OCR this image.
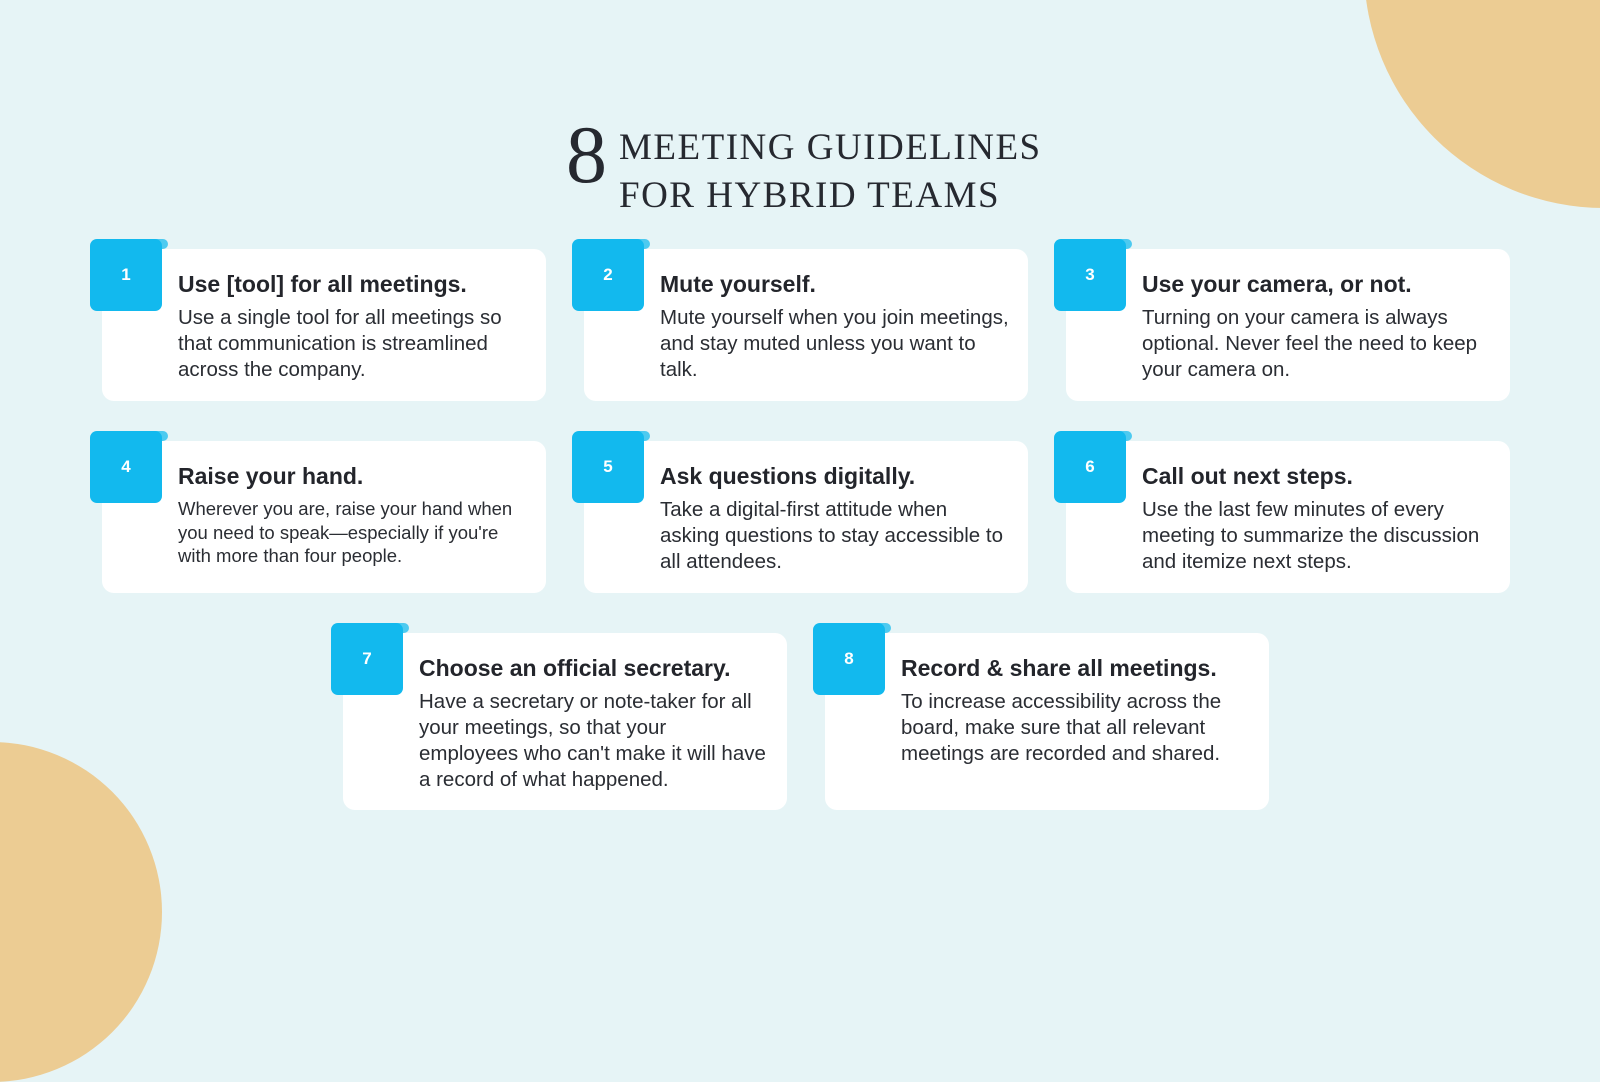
8 MEETING GUIDELINES
FOR HYBRID TEAMS
1	Use [tool] for all meetings.
Use a single tool for all meetings so that communication is streamlined across the company.
2	Mute yourself.
Mute yourself when you join meetings, and stay muted unless you want to talk.
3	Use your camera, or not.
Turning on your camera is always optional. Never feel the need to keep your camera on.
4	Raise your hand.
Wherever you are, raise your hand when you need to speak—especially if you're with more than four people.
5	Ask questions digitally.
Take a digital-first attitude when asking questions to stay accessible to all attendees.
6	Call out next steps.
Use the last few minutes of every meeting to summarize the discussion and itemize next steps.
7	Choose an official secretary.
Have a secretary or note-taker for all your meetings, so that your employees who can't make it will have a record of what happened.
8	Record & share all meetings.
To increase accessibility across the board, make sure that all relevant meetings are recorded and shared.
